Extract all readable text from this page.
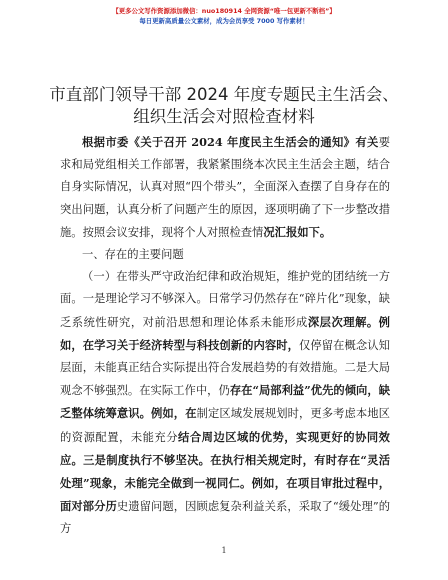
【更多公文写作资源添加微信：nuo180914 全网资源“唯一包更新不断档”】
每日更新高质量公文素材，成为会员享受 7000 写作素材！
市直部门领导干部 2024 年度专题民主生活会、
组织生活会对照检查材料

根据市委《关于召开 2024 年度民主生活会的通知》有关要求和局党组相关工作部署，我紧紧围绕本次民主生活会主题，结合自身实际情况，认真对照“四个带头”，全面深入查摆了自身存在的突出问题，认真分析了问题产生的原因，逐项明确了下一步整改措施。按照会议安排，现将个人对照检查情况汇报如下。

一、存在的主要问题

（一）在带头严守政治纪律和政治规矩，维护党的团结统一方面。一是理论学习不够深入。日常学习仍然存在“碎片化”现象，缺乏系统性研究，对前沿思想和理论体系未能形成深层次理解。例如，在学习关于经济转型与科技创新的内容时，仅停留在概念认知层面，未能真正结合实际提出符合发展趋势的有效措施。二是大局观念不够强烈。在实际工作中，仍存在“局部利益”优先的倾向，缺乏整体统筹意识。例如，在制定区域发展规划时，更多考虑本地区的资源配置，未能充分结合周边区域的优势，实现更好的协同效应。三是制度执行不够坚决。在执行相关规定时，有时存在“灵活处理”现象，未能完全做到一视同仁。例如，在项目审批过程中，面对部分历史遗留问题，因顾虑复杂利益关系，采取了“缓处理”的方

1
